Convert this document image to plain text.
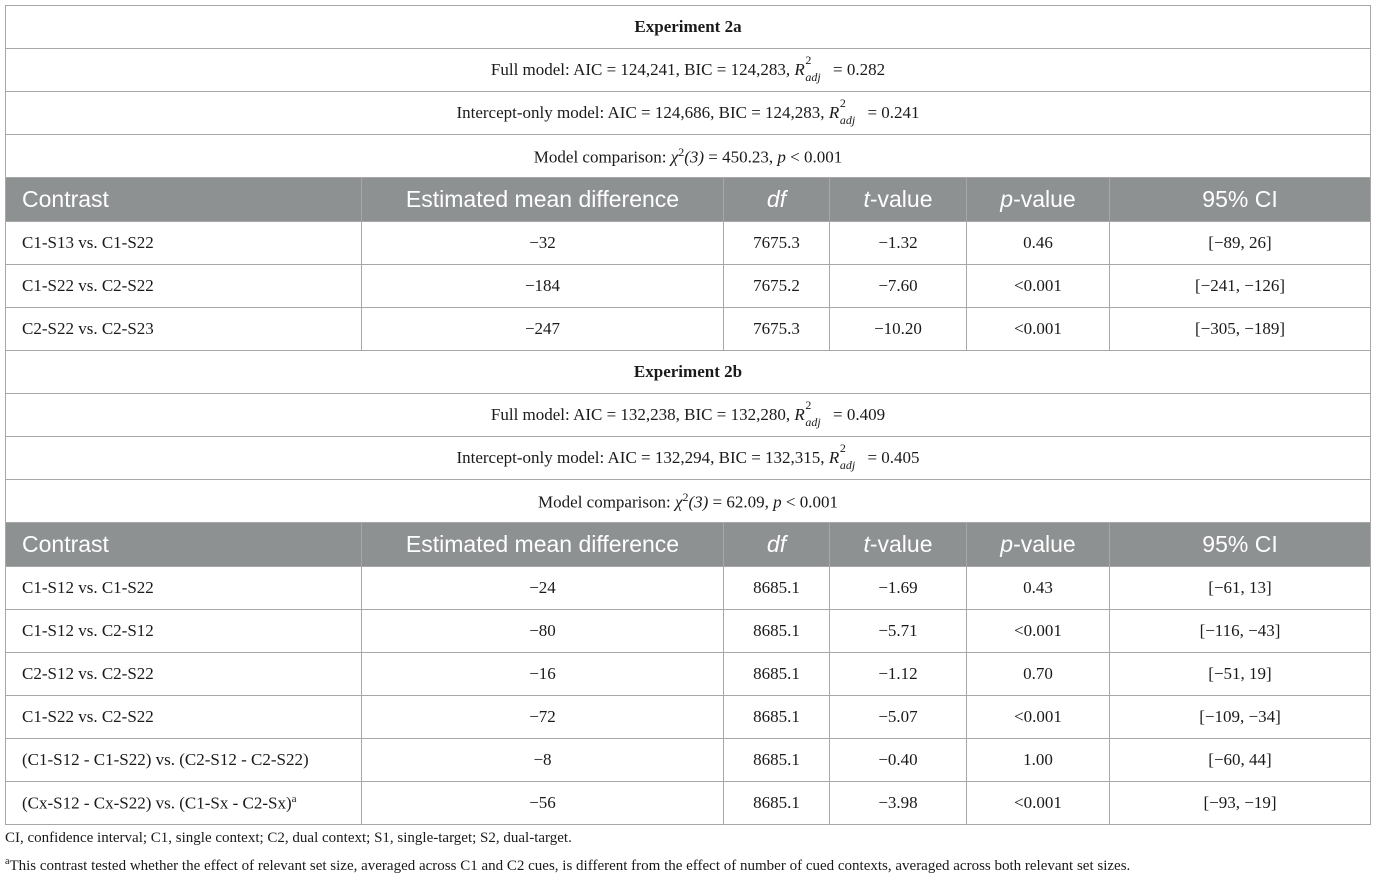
Experiment 2a					
Full model: AIC = 124,241, BIC = 124,283, R 2
adj = 0.282					
Intercept-only model: AIC = 124,686, BIC = 124,283, R 2
adj = 0.241					
Model comparison: $\chi^2(3) = 450.23$, p < 0.001					
Contrast	Estimated mean difference	df	t-value	p-value	95% CI
C1-S13 vs. C1-S22	−32	7675.3	−1.32	0.46	[−89, 26]
C1-S22 vs. C2-S22	−184	7675.2	−7.60	<0.001	[−241, −126]
C2-S22 vs. C2-S23	−247	7675.3	−10.20	<0.001	[−305, −189]
Experiment 2b					
Full model: AIC = 132,238, BIC = 132,280, R 2
adj = 0.409					
Intercept-only model: AIC = 132,294, BIC = 132,315, R 2
adj = 0.405					
Model comparison: $\chi^2(3) = 62.09$, p < 0.001					
Contrast	Estimated mean difference	df	t-value	p-value	95% CI
C1-S12 vs. C1-S22	−24	8685.1	−1.69	0.43	[−61, 13]
C1-S12 vs. C2-S12	−80	8685.1	−5.71	<0.001	[−116, −43]
C2-S12 vs. C2-S22	−16	8685.1	−1.12	0.70	[−51, 19]
C1-S22 vs. C2-S22	−72	8685.1	−5.07	<0.001	[−109, −34]
(C1-S12 - C1-S22) vs. (C2-S12 - C2-S22)	−8	8685.1	−0.40	1.00	[−60, 44]
(Cx-S12 - Cx-S22) vs. (C1-Sx - C2-Sx)$^a$	−56	8685.1	−3.98	<0.001	[−93, −19]
CI, confidence interval; C1, single context; C2, dual context; S1, single-target; S2, dual-target.
$^a$This contrast tested whether the effect of relevant set size, averaged across C1 and C2 cues, is different from the effect of number of cued contexts, averaged across both relevant set sizes.
